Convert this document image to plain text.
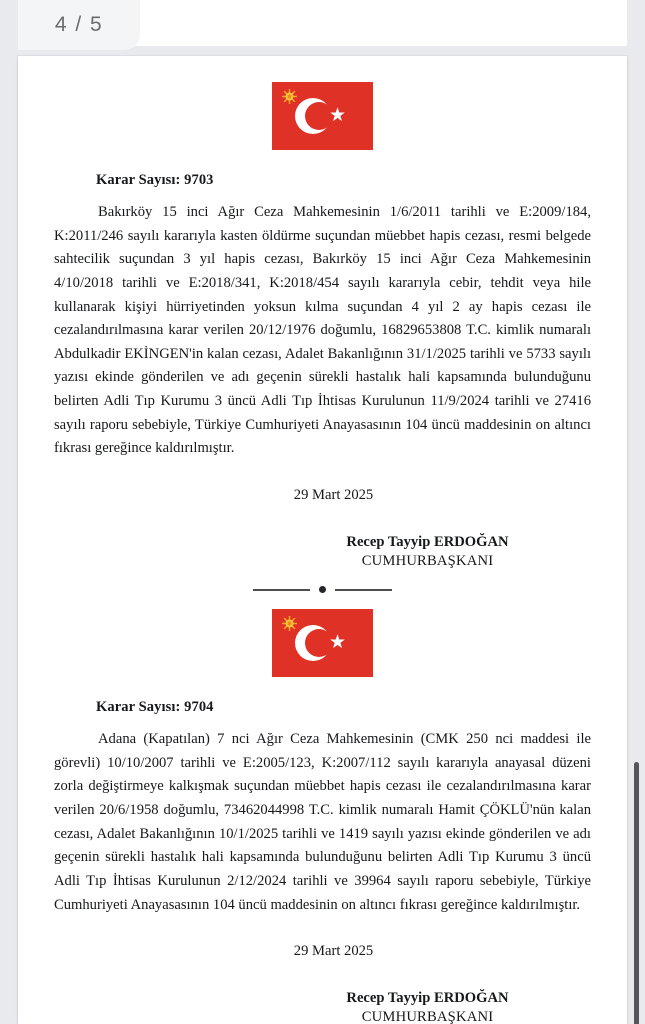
4 / 5
★
Karar Sayısı: 9703

Bakırköy 15 inci Ağır Ceza Mahkemesinin 1/6/2011 tarihli ve E:2009/184, K:2011/246 sayılı kararıyla kasten öldürme suçundan müebbet hapis cezası, resmi belgede sahtecilik suçundan 3 yıl hapis cezası, Bakırköy 15 inci Ağır Ceza Mahkemesinin 4/10/2018 tarihli ve E:2018/341, K:2018/454 sayılı kararıyla cebir, tehdit veya hile kullanarak kişiyi hürriyetinden yoksun kılma suçundan 4 yıl 2 ay hapis cezası ile cezalandırılmasına karar verilen 20/12/1976 doğumlu, 16829653808 T.C. kimlik numaralı Abdulkadir EKİNGEN'in kalan cezası, Adalet Bakanlığının 31/1/2025 tarihli ve 5733 sayılı yazısı ekinde gönderilen ve adı geçenin sürekli hastalık hali kapsamında bulunduğunu belirten Adli Tıp Kurumu 3 üncü Adli Tıp İhtisas Kurulunun 11/9/2024 tarihli ve 27416 sayılı raporu sebebiyle, Türkiye Cumhuriyeti Anayasasının 104 üncü maddesinin on altıncı fıkrası gereğince kaldırılmıştır.

29 Mart 2025
Recep Tayyip ERDOĞAN
CUMHURBAŞKANI
★
Karar Sayısı: 9704

Adana (Kapatılan) 7 nci Ağır Ceza Mahkemesinin (CMK 250 nci maddesi ile görevli) 10/10/2007 tarihli ve E:2005/123, K:2007/112 sayılı kararıyla anayasal düzeni zorla değiştirmeye kalkışmak suçundan müebbet hapis cezası ile cezalandırılmasına karar verilen 20/6/1958 doğumlu, 73462044998 T.C. kimlik numaralı Hamit ÇÖKLÜ'nün kalan cezası, Adalet Bakanlığının 10/1/2025 tarihli ve 1419 sayılı yazısı ekinde gönderilen ve adı geçenin sürekli hastalık hali kapsamında bulunduğunu belirten Adli Tıp Kurumu 3 üncü Adli Tıp İhtisas Kurulunun 2/12/2024 tarihli ve 39964 sayılı raporu sebebiyle, Türkiye Cumhuriyeti Anayasasının 104 üncü maddesinin on altıncı fıkrası gereğince kaldırılmıştır.

29 Mart 2025
Recep Tayyip ERDOĞAN
CUMHURBAŞKANI
